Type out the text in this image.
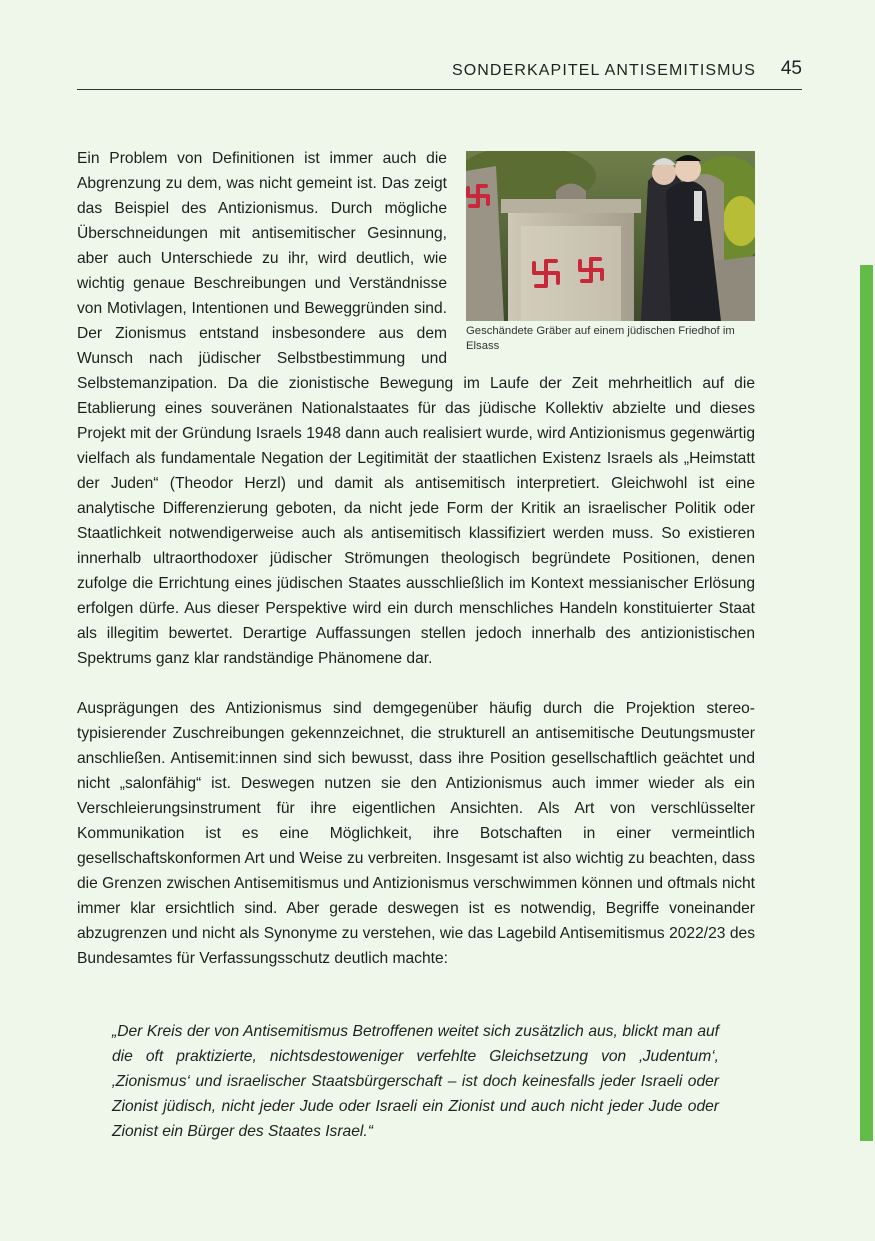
SONDERKAPITEL ANTISEMITISMUS 45
Geschändete Gräber auf einem jüdischen Friedhof im Elsass

Ein Problem von Definitionen ist immer auch die Abgrenzung zu dem, was nicht gemeint ist. Das zeigt das Beispiel des Antizionismus. Durch mögliche Überschneidungen mit antisemitischer Gesinnung, aber auch Unterschiede zu ihr, wird deutlich, wie wichtig genaue Beschreibungen und Verständnisse von Motivlagen, Intentionen und Beweggründen sind. Der Zionismus entstand insbesondere aus dem Wunsch nach jüdischer Selbstbestimmung und Selbstemanzipation. Da die zionistische Bewegung im Laufe der Zeit mehrheitlich auf die Etablierung eines souveränen Nationalstaates für das jüdische Kollektiv abzielte und dieses Projekt mit der Gründung Israels 1948 dann auch realisiert wurde, wird Antizionismus gegenwärtig vielfach als fundamentale Negation der Legitimität der staatlichen Existenz Israels als „Heimstatt der Juden“ (Theodor Herzl) und damit als antisemitisch interpretiert. Gleichwohl ist eine analytische Differenzierung geboten, da nicht jede Form der Kritik an israelischer Politik oder Staatlichkeit notwendigerweise auch als antisemitisch klassifiziert werden muss. So existieren innerhalb ultraorthodoxer jüdischer Strömungen theologisch begründete Positionen, denen zufolge die Errichtung eines jüdischen Staates ausschließlich im Kontext messianischer Erlösung erfolgen dürfe. Aus dieser Perspektive wird ein durch menschliches Handeln konstituierter Staat als illegitim bewertet. Derartige Auffassungen stellen jedoch innerhalb des antizionistischen Spektrums ganz klar randständige Phänomene dar.

Ausprägungen des Antizionismus sind demgegenüber häufig durch die Projektion stereotypisierender Zuschreibungen gekennzeichnet, die strukturell an antisemitische Deutungsmuster anschließen. Antisemit:innen sind sich bewusst, dass ihre Position gesellschaftlich geächtet und nicht „salonfähig“ ist. Deswegen nutzen sie den Antizionismus auch immer wieder als ein Verschleierungsinstrument für ihre eigentlichen Ansichten. Als Art von verschlüsselter Kommunikation ist es eine Möglichkeit, ihre Botschaften in einer vermeintlich gesellschaftskonformen Art und Weise zu verbreiten. Insgesamt ist also wichtig zu beachten, dass die Grenzen zwischen Antisemitismus und Antizionismus verschwimmen können und oftmals nicht immer klar ersichtlich sind. Aber gerade deswegen ist es notwendig, Begriffe voneinander abzugrenzen und nicht als Synonyme zu verstehen, wie das Lagebild Antisemitismus 2022/23 des Bundesamtes für Verfassungsschutz deutlich machte:

„Der Kreis der von Antisemitismus Betroffenen weitet sich zusätzlich aus, blickt man auf die oft praktizierte, nichtsdestoweniger verfehlte Gleichsetzung von ‚Judentum‘, ‚Zionismus‘ und israelischer Staatsbürgerschaft – ist doch keinesfalls jeder Israeli oder Zionist jüdisch, nicht jeder Jude oder Israeli ein Zionist und auch nicht jeder Jude oder Zionist ein Bürger des Staates Israel.“
